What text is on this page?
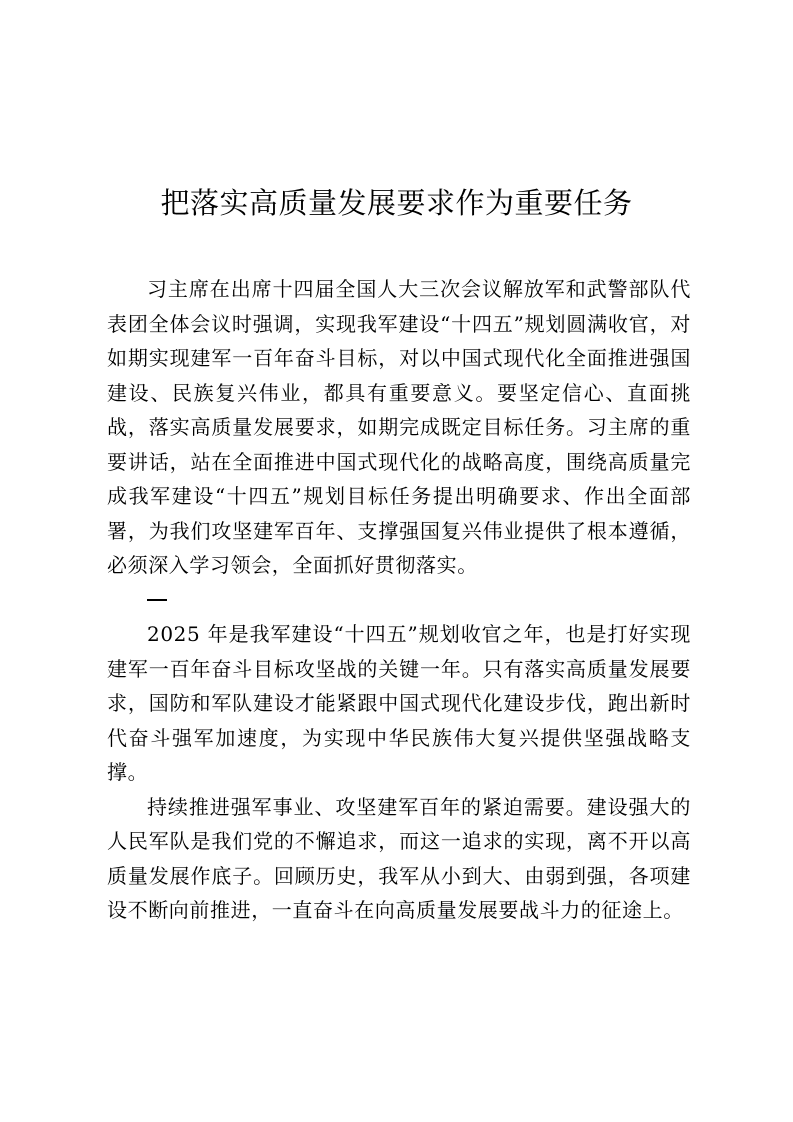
把落实高质量发展要求作为重要任务

习主席在出席十四届全国人大三次会议解放军和武警部队代表团全体会议时强调，实现我军建设“十四五”规划圆满收官，对如期实现建军一百年奋斗目标，对以中国式现代化全面推进强国建设、民族复兴伟业，都具有重要意义。要坚定信心、直面挑战，落实高质量发展要求，如期完成既定目标任务。习主席的重要讲话，站在全面推进中国式现代化的战略高度，围绕高质量完成我军建设“十四五”规划目标任务提出明确要求、作出全面部署，为我们攻坚建军百年、支撑强国复兴伟业提供了根本遵循，必须深入学习领会，全面抓好贯彻落实。

2025 年是我军建设“十四五”规划收官之年，也是打好实现建军一百年奋斗目标攻坚战的关键一年。只有落实高质量发展要求，国防和军队建设才能紧跟中国式现代化建设步伐，跑出新时代奋斗强军加速度，为实现中华民族伟大复兴提供坚强战略支撑。

持续推进强军事业、攻坚建军百年的紧迫需要。建设强大的人民军队是我们党的不懈追求，而这一追求的实现，离不开以高质量发展作底子。回顾历史，我军从小到大、由弱到强，各项建设不断向前推进，一直奋斗在向高质量发展要战斗力的征途上。
